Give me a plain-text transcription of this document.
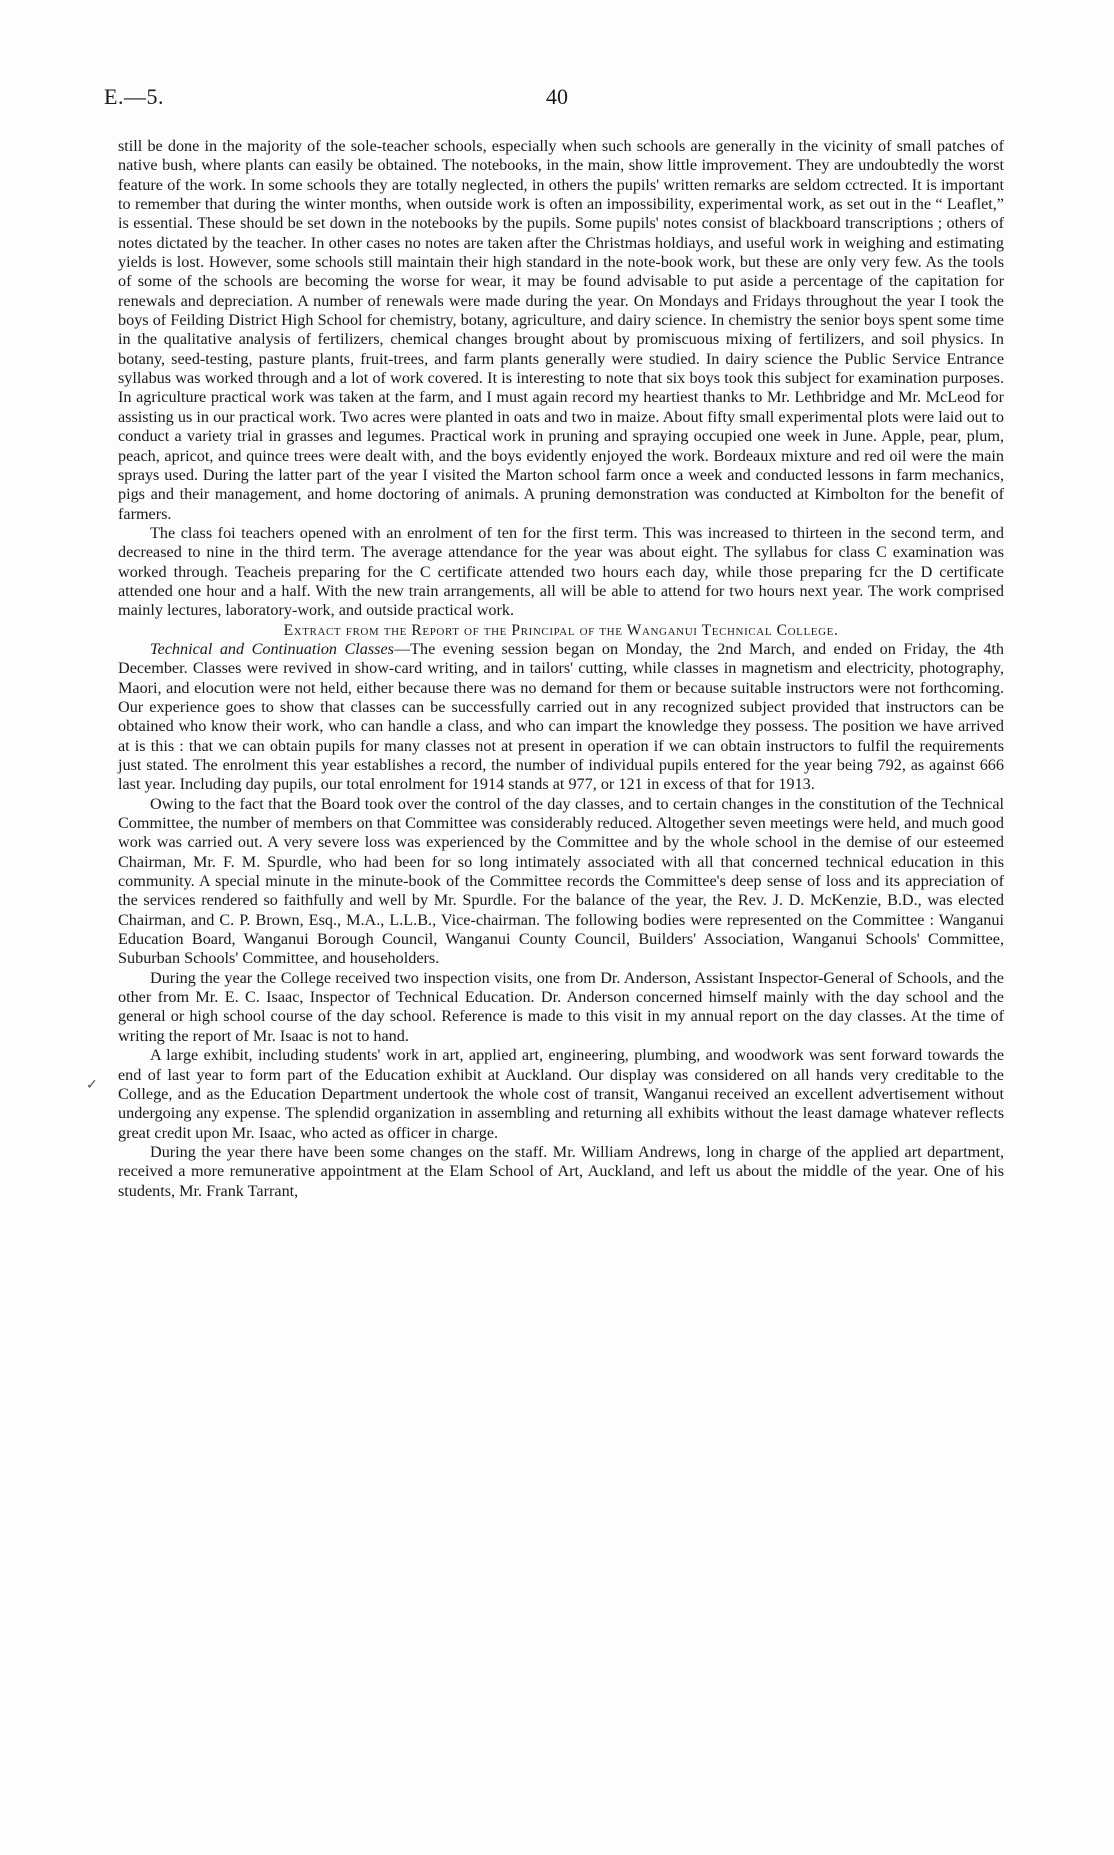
E.—5.	40
✓

still be done in the majority of the sole-teacher schools, especially when such schools are generally in the vicinity of small patches of native bush, where plants can easily be obtained. The notebooks, in the main, show little improvement. They are undoubtedly the worst feature of the work. In some schools they are totally neglected, in others the pupils' written remarks are seldom cctrected. It is important to remember that during the winter months, when outside work is often an impossibility, experimental work, as set out in the “ Leaflet,” is essential. These should be set down in the notebooks by the pupils. Some pupils' notes consist of blackboard transcriptions ; others of notes dictated by the teacher. In other cases no notes are taken after the Christmas holdiays, and useful work in weighing and estimating yields is lost. However, some schools still maintain their high standard in the note-book work, but these are only very few. As the tools of some of the schools are becoming the worse for wear, it may be found advisable to put aside a percentage of the capitation for renewals and depreciation. A number of renewals were made during the year. On Mondays and Fridays throughout the year I took the boys of Feilding District High School for chemistry, botany, agriculture, and dairy science. In chemistry the senior boys spent some time in the qualitative analysis of fertilizers, chemical changes brought about by promiscuous mixing of fertilizers, and soil physics. In botany, seed-testing, pasture plants, fruit-trees, and farm plants generally were studied. In dairy science the Public Service Entrance syllabus was worked through and a lot of work covered. It is interesting to note that six boys took this subject for examination purposes. In agriculture practical work was taken at the farm, and I must again record my heartiest thanks to Mr. Lethbridge and Mr. McLeod for assisting us in our practical work. Two acres were planted in oats and two in maize. About fifty small experimental plots were laid out to conduct a variety trial in grasses and legumes. Practical work in pruning and spraying occupied one week in June. Apple, pear, plum, peach, apricot, and quince trees were dealt with, and the boys evidently enjoyed the work. Bordeaux mixture and red oil were the main sprays used. During the latter part of the year I visited the Marton school farm once a week and conducted lessons in farm mechanics, pigs and their management, and home doctoring of animals. A pruning demonstration was conducted at Kimbolton for the benefit of farmers.

The class foi teachers opened with an enrolment of ten for the first term. This was increased to thirteen in the second term, and decreased to nine in the third term. The average attendance for the year was about eight. The syllabus for class C examination was worked through. Teacheis preparing for the C certificate attended two hours each day, while those preparing fcr the D certificate attended one hour and a half. With the new train arrangements, all will be able to attend for two hours next year. The work comprised mainly lectures, laboratory-work, and outside practical work.

Extract from the Report of the Principal of the Wanganui Technical College.

Technical and Continuation Classes—The evening session began on Monday, the 2nd March, and ended on Friday, the 4th December. Classes were revived in show-card writing, and in tailors' cutting, while classes in magnetism and electricity, photography, Maori, and elocution were not held, either because there was no demand for them or because suitable instructors were not forthcoming. Our experience goes to show that classes can be successfully carried out in any recognized subject provided that instructors can be obtained who know their work, who can handle a class, and who can impart the knowledge they possess. The position we have arrived at is this : that we can obtain pupils for many classes not at present in operation if we can obtain instructors to fulfil the requirements just stated. The enrolment this year establishes a record, the number of individual pupils entered for the year being 792, as against 666 last year. Including day pupils, our total enrolment for 1914 stands at 977, or 121 in excess of that for 1913.

Owing to the fact that the Board took over the control of the day classes, and to certain changes in the constitution of the Technical Committee, the number of members on that Committee was considerably reduced. Altogether seven meetings were held, and much good work was carried out. A very severe loss was experienced by the Committee and by the whole school in the demise of our esteemed Chairman, Mr. F. M. Spurdle, who had been for so long intimately associated with all that concerned technical education in this community. A special minute in the minute-book of the Committee records the Committee's deep sense of loss and its appreciation of the services rendered so faithfully and well by Mr. Spurdle. For the balance of the year, the Rev. J. D. McKenzie, B.D., was elected Chairman, and C. P. Brown, Esq., M.A., L.L.B., Vice-chairman. The following bodies were represented on the Committee : Wanganui Education Board, Wanganui Borough Council, Wanganui County Council, Builders' Association, Wanganui Schools' Committee, Suburban Schools' Committee, and householders.

During the year the College received two inspection visits, one from Dr. Anderson, Assistant Inspector-General of Schools, and the other from Mr. E. C. Isaac, Inspector of Technical Education. Dr. Anderson concerned himself mainly with the day school and the general or high school course of the day school. Reference is made to this visit in my annual report on the day classes. At the time of writing the report of Mr. Isaac is not to hand.

A large exhibit, including students' work in art, applied art, engineering, plumbing, and woodwork was sent forward towards the end of last year to form part of the Education exhibit at Auckland. Our display was considered on all hands very creditable to the College, and as the Education Department undertook the whole cost of transit, Wanganui received an excellent advertisement without undergoing any expense. The splendid organization in assembling and returning all exhibits without the least damage whatever reflects great credit upon Mr. Isaac, who acted as officer in charge.

During the year there have been some changes on the staff. Mr. William Andrews, long in charge of the applied art department, received a more remunerative appointment at the Elam School of Art, Auckland, and left us about the middle of the year. One of his students, Mr. Frank Tarrant,
